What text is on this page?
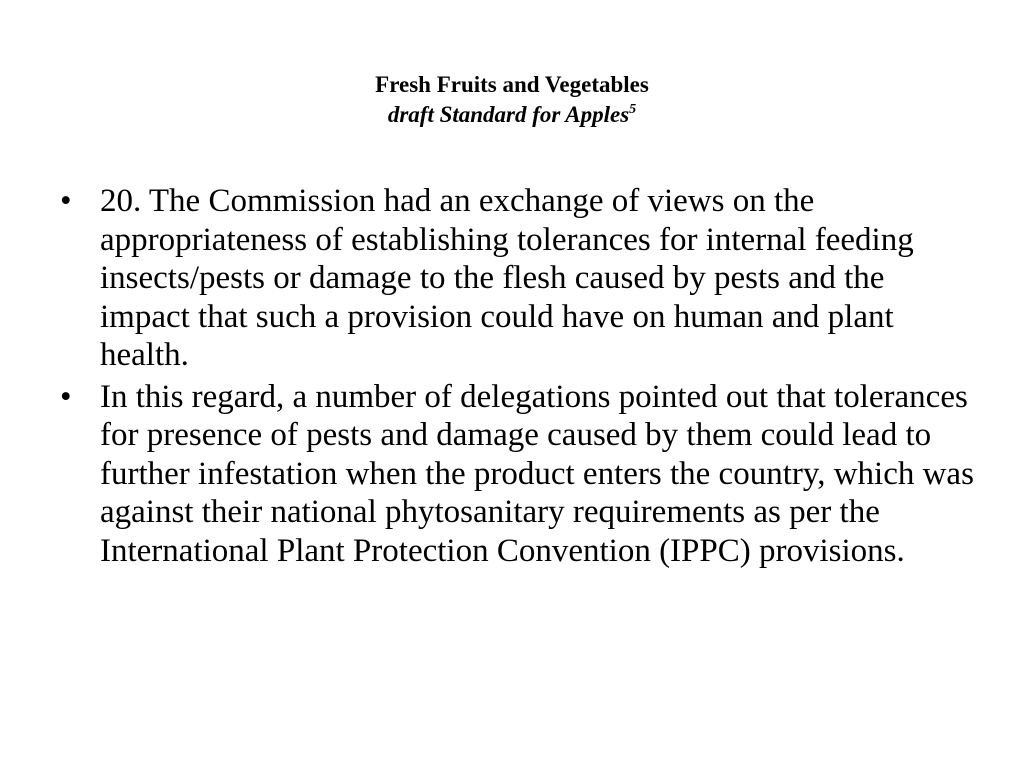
Fresh Fruits and Vegetables
draft Standard for Apples$^5$
• 20. The Commission had an exchange of views on the appropriateness of establishing tolerances for internal feeding insects/pests or damage to the flesh caused by pests and the impact that such a provision could have on human and plant health.
• In this regard, a number of delegations pointed out that tolerances for presence of pests and damage caused by them could lead to further infestation when the product enters the country, which was against their national phytosanitary requirements as per the International Plant Protection Convention (IPPC) provisions.
